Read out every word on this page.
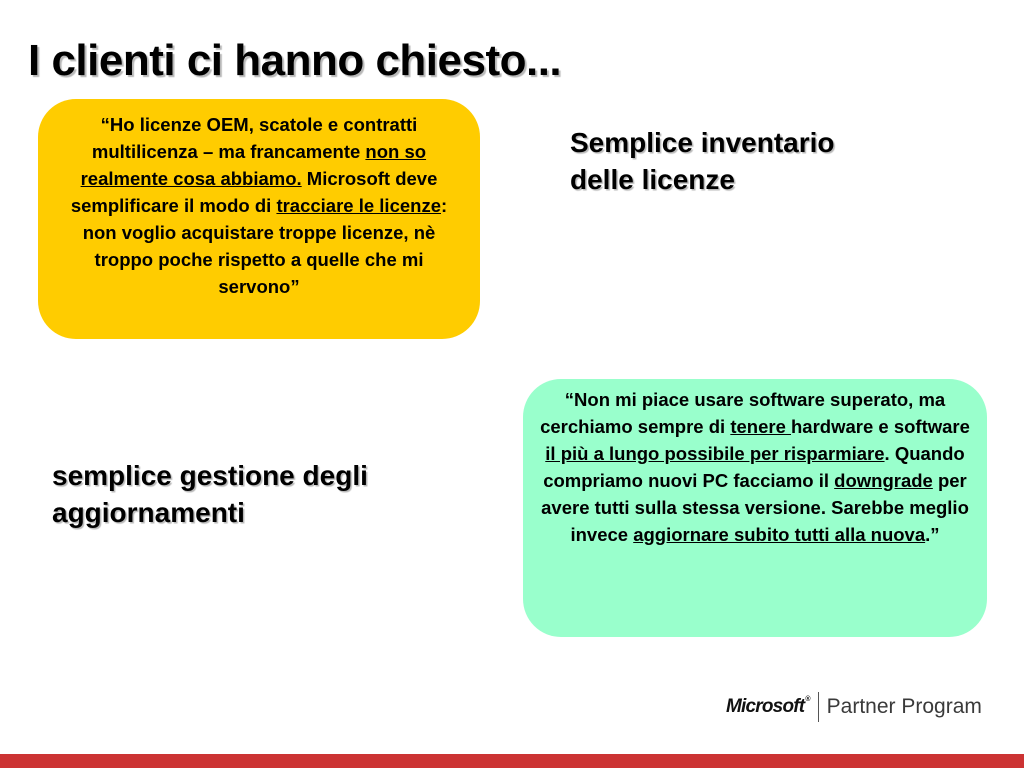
I clienti ci hanno chiesto...
“Ho licenze OEM, scatole e contratti multilicenza – ma francamente non so realmente cosa abbiamo. Microsoft deve semplificare il modo di tracciare le licenze: non voglio acquistare troppe licenze, nè troppo poche rispetto a quelle che mi servono”
Semplice inventario
delle licenze
semplice gestione degli
aggiornamenti
“Non mi piace usare software superato, ma cerchiamo sempre di tenere hardware e software il più a lungo possibile per risparmiare. Quando compriamo nuovi PC facciamo il downgrade per avere tutti sulla stessa versione. Sarebbe meglio invece aggiornare subito tutti alla nuova.”
Microsoft® Partner Program
